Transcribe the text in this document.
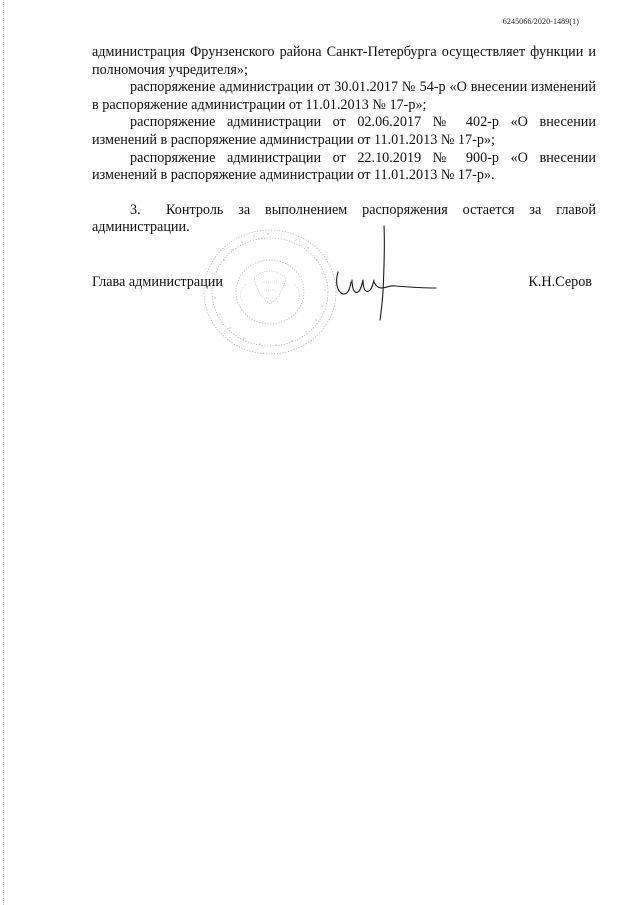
6245066/2020-1489(1)

администрация Фрунзенского района Санкт-Петербурга осуществляет функции и полномочия учредителя»;

распоряжение администрации от 30.01.2017 № 54-р «О внесении изменений в распоряжение администрации от 11.01.2013 № 17-р»;

распоряжение администрации от 02.06.2017 № 402-р «О внесении изменений в распоряжение администрации от 11.01.2013 № 17-р»;

распоряжение администрации от 22.10.2019 № 900-р «О внесении изменений в распоряжение администрации от 11.01.2013 № 17-р».

3. Контроль за выполнением распоряжения остается за главой администрации.

Глава администрации	К.Н.Серов
